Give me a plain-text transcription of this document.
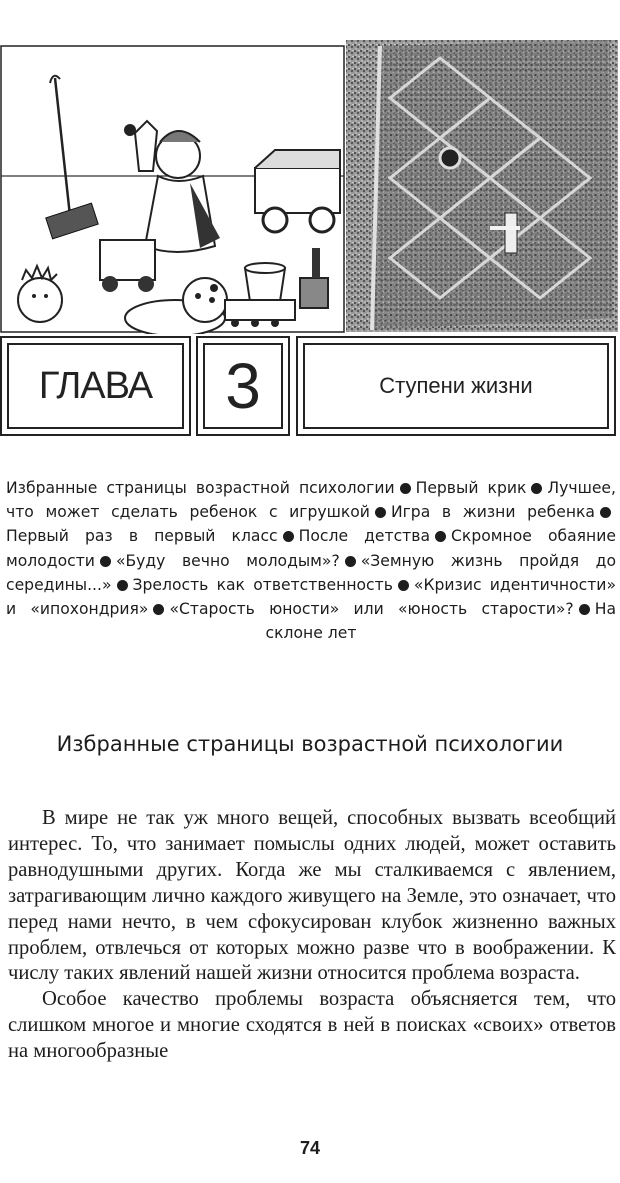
ГЛАВА 3	Ступени жизни
Избранные страницы возрастной психологии Первый крик Лучшее, что может сделать ребенок с игрушкой Игра в жизни ребенкаПервый раз в первый класс После детства Скромное обаяние молодости «Буду вечно молодым»? «Земную жизнь пройдя до середины...» Зрелость как ответственность «Кризис идентичности» и «ипохондрия» «Старость юности» или «юность старости»? На склоне лет
Избранные страницы возрастной психологии

В мире не так уж много вещей, способных вызвать всеобщий интерес. То, что занимает помыслы одних людей, может оставить равнодушными других. Когда же мы сталкиваемся с явлением, затрагивающим лично каждого живущего на Земле, это означает, что перед нами нечто, в чем сфокусирован клубок жизненно важных проблем, отвлечься от которых можно разве что в воображении. К числу таких явлений нашей жизни относится проблема возраста.

Особое качество проблемы возраста объясняется тем, что слишком многое и многие сходятся в ней в поисках «своих» ответов на многообразные

74
